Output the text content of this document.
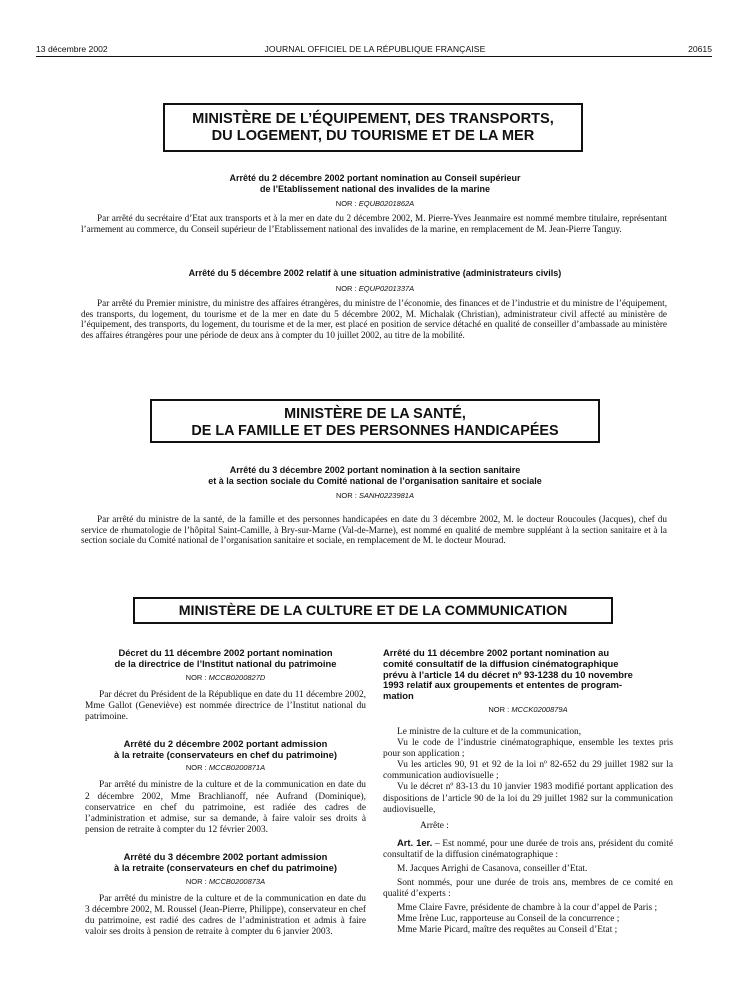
13 décembre 2002	JOURNAL OFFICIEL DE LA RÉPUBLIQUE FRANÇAISE	20615
MINISTÈRE DE L’ÉQUIPEMENT, DES TRANSPORTS,
DU LOGEMENT, DU TOURISME ET DE LA MER
Arrêté du 2 décembre 2002 portant nomination au Conseil supérieur
de l’Etablissement national des invalides de la marine
NOR : EQUB0201862A
Par arrêté du secrétaire d’Etat aux transports et à la mer en date du 2 décembre 2002, M. Pierre-Yves Jeanmaire est nommé membre titulaire, représentant l’armement au commerce, du Conseil supérieur de l’Etablissement national des invalides de la marine, en remplacement de M. Jean-Pierre Tanguy.
Arrêté du 5 décembre 2002 relatif à une situation administrative (administrateurs civils)
NOR : EQUP0201337A
Par arrêté du Premier ministre, du ministre des affaires étrangères, du ministre de l’économie, des finances et de l’industrie et du ministre de l’équipement, des transports, du logement, du tourisme et de la mer en date du 5 décembre 2002, M. Michalak (Christian), administrateur civil affecté au ministère de l’équipement, des transports, du logement, du tourisme et de la mer, est placé en position de service détaché en qualité de conseiller d’ambassade au ministère des affaires étrangères pour une période de deux ans à compter du 10 juillet 2002, au titre de la mobilité.
MINISTÈRE DE LA SANTÉ,
DE LA FAMILLE ET DES PERSONNES HANDICAPÉES
Arrêté du 3 décembre 2002 portant nomination à la section sanitaire
et à la section sociale du Comité national de l’organisation sanitaire et sociale
NOR : SANH0223981A
Par arrêté du ministre de la santé, de la famille et des personnes handicapées en date du 3 décembre 2002, M. le docteur Roucoules (Jacques), chef du service de rhumatologie de l’hôpital Saint-Camille, à Bry-sur-Marne (Val-de-Marne), est nommé en qualité de membre suppléant à la section sanitaire et à la section sociale du Comité national de l’organisation sanitaire et sociale, en remplacement de M. le docteur Mourad.
MINISTÈRE DE LA CULTURE ET DE LA COMMUNICATION
Décret du 11 décembre 2002 portant nomination
de la directrice de l’Institut national du patrimoine
NOR : MCCB0200827D
Par décret du Président de la République en date du 11 décembre 2002, Mme Gallot (Geneviève) est nommée directrice de l’Institut national du patrimoine.
Arrêté du 2 décembre 2002 portant admission
à la retraite (conservateurs en chef du patrimoine)
NOR : MCCB0200871A
Par arrêté du ministre de la culture et de la communication en date du 2 décembre 2002, Mme Brachlianoff, née Aufrand (Dominique), conservatrice en chef du patrimoine, est radiée des cadres de l’administration et admise, sur sa demande, à faire valoir ses droits à pension de retraite à compter du 12 février 2003.
Arrêté du 3 décembre 2002 portant admission
à la retraite (conservateurs en chef du patrimoine)
NOR : MCCB0200873A
Par arrêté du ministre de la culture et de la communication en date du 3 décembre 2002, M. Roussel (Jean-Pierre, Philippe), conservateur en chef du patrimoine, est radié des cadres de l’administration et admis à faire valoir ses droits à pension de retraite à compter du 6 janvier 2003.
Arrêté du 11 décembre 2002 portant nomination au
comité consultatif de la diffusion cinématographique
prévu à l’article 14 du décret nº 93-1238 du 10 novembre
1993 relatif aux groupements et ententes de program-
mation
NOR : MCCK0200879A
Le ministre de la culture et de la communication,
Vu le code de l’industrie cinématographique, ensemble les textes pris pour son application ;
Vu les articles 90, 91 et 92 de la loi nº 82-652 du 29 juillet 1982 sur la communication audiovisuelle ;
Vu le décret nº 83-13 du 10 janvier 1983 modifié portant application des dispositions de l’article 90 de la loi du 29 juillet 1982 sur la communication audiovisuelle,
Arrête :
Art. 1er. – Est nommé, pour une durée de trois ans, président du comité consultatif de la diffusion cinématographique :
M. Jacques Arrighi de Casanova, conseiller d’Etat.
Sont nommés, pour une durée de trois ans, membres de ce comité en qualité d’experts :
Mme Claire Favre, présidente de chambre à la cour d’appel de Paris ;
Mme Irène Luc, rapporteuse au Conseil de la concurrence ;
Mme Marie Picard, maître des requêtes au Conseil d’Etat ;
